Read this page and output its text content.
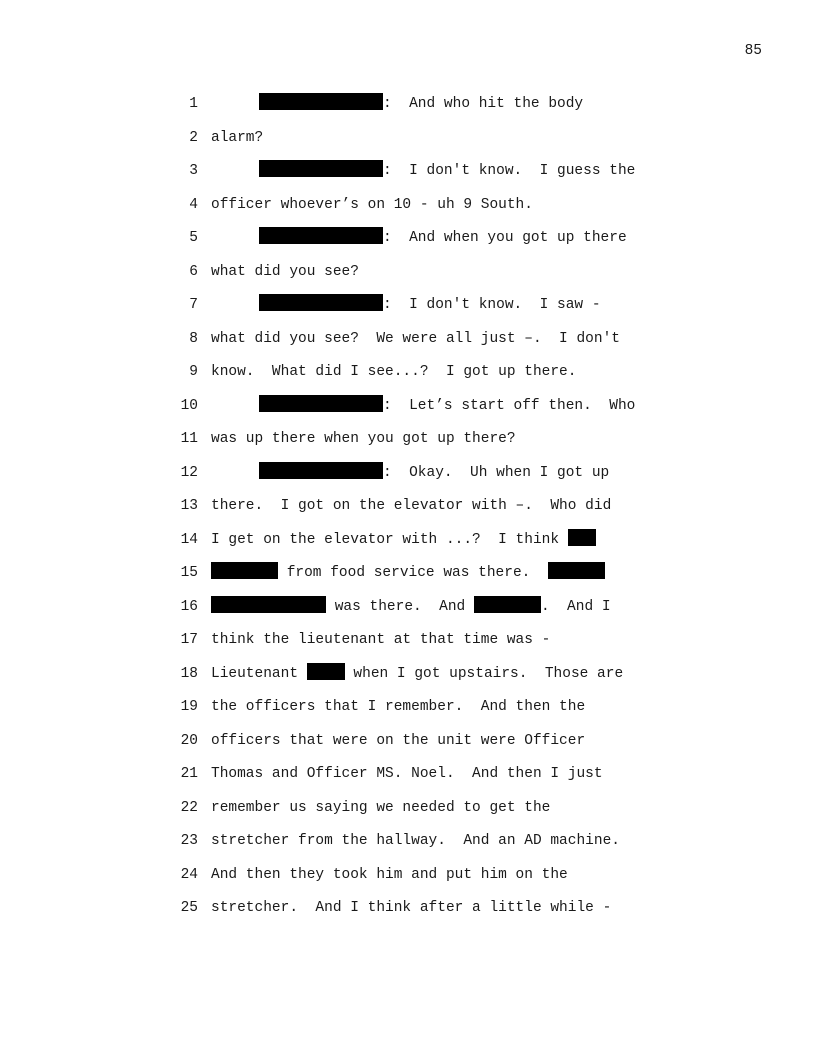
85
1	:  And who hit the body
2 alarm?
3	:  I don't know.  I guess the
4 officer whoever’s on 10 - uh 9 South.
5	:  And when you got up there
6 what did you see?
7	:  I don't know.  I saw -
8 what did you see?  We were all just –.  I don't
9 know.  What did I see...?  I got up there.
10	:  Let’s start off then.  Who
11 was up there when you got up there?
12	:  Okay.  Uh when I got up
13 there.  I got on the elevator with –.  Who did
14 I get on the elevator with ...?  I think
15	from food service was there.
16	was there.  And	.  And I
17 think the lieutenant at that time was -
18 Lieutenant	when I got upstairs.  Those are
19 the officers that I remember.  And then the
20 officers that were on the unit were Officer
21 Thomas and Officer MS. Noel.  And then I just
22 remember us saying we needed to get the
23 stretcher from the hallway.  And an AD machine.
24 And then they took him and put him on the
25 stretcher.  And I think after a little while -
